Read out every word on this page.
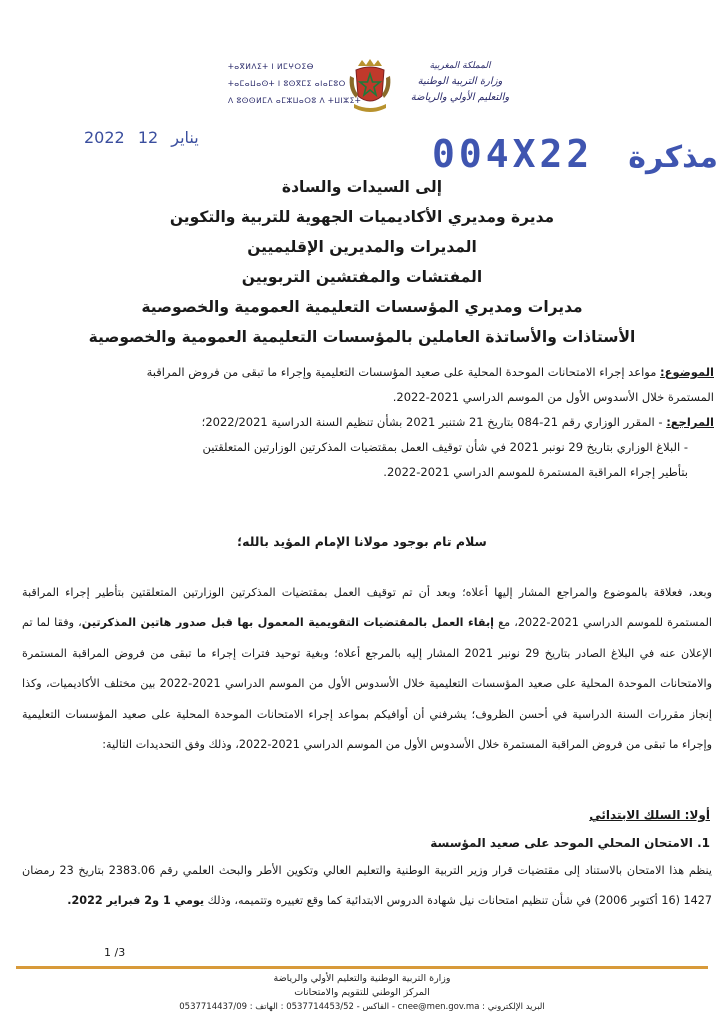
المملكة المغربية
وزارة التربية الوطنية
والتعليم الأولي والرياضة
ⵜⴰⴳⵍⴷⵉⵜ ⵏ ⵍⵎⵖⵔⵉⴱ
ⵜⴰⵎⴰⵡⴰⵙⵜ ⵏ ⵓⵙⴳⵎⵉ ⴰⵏⴰⵎⵓⵔ
ⴷ ⵓⵙⵙⵍⵎⴷ ⴰⵎⵣⵡⴰⵔⵓ ⴷ ⵜⵡⵏⵣⵉⵜ
2022	يناير 12	004X22 مذكرة
إلى السيدات والسادة
مديرة ومديري الأكاديميات الجهوية للتربية والتكوين
المديرات والمديرين الإقليميين
المفتشات والمفتشين التربويين
مديرات ومديري المؤسسات التعليمية العمومية والخصوصية
الأستاذات والأساتذة العاملين بالمؤسسات التعليمية العمومية والخصوصية
الموضوع: مواعد إجراء الامتحانات الموحدة المحلية على صعيد المؤسسات التعليمية وإجراء ما تبقى من فروض المراقبة
المستمرة خلال الأسدوس الأول من الموسم الدراسي 2021-2022.
المراجع: - المقرر الوزاري رقم 21-084 بتاريخ 21 شتنبر 2021 بشأن تنظيم السنة الدراسية 2022/2021؛
- البلاغ الوزاري بتاريخ 29 نونبر 2021 في شأن توقيف العمل بمقتضيات المذكرتين الوزارتين المتعلقتين
بتأطير إجراء المراقبة المستمرة للموسم الدراسي 2021-2022.
سلام تام بوجود مولانا الإمام المؤيد بالله؛
وبعد، فعلاقة بالموضوع والمراجع المشار إليها أعلاه؛ وبعد أن تم توقيف العمل بمقتضيات المذكرتين الوزارتين المتعلقتين بتأطير إجراء المراقبة المستمرة للموسم الدراسي 2021-2022، مع إبقاء العمل بالمقتضيات التقويمية المعمول بها قبل صدور هاتين المذكرتين، وفقا لما تم الإعلان عنه في البلاغ الصادر بتاريخ 29 نونبر 2021 المشار إليه بالمرجع أعلاه؛ وبغية توحيد فترات إجراء ما تبقى من فروض المراقبة المستمرة والامتحانات الموحدة المحلية على صعيد المؤسسات التعليمية خلال الأسدوس الأول من الموسم الدراسي 2021-2022 بين مختلف الأكاديميات، وكذا إنجاز مقررات السنة الدراسية في أحسن الظروف؛ يشرفني أن أوافيكم بمواعد إجراء الامتحانات الموحدة المحلية على صعيد المؤسسات التعليمية وإجراء ما تبقى من فروض المراقبة المستمرة خلال الأسدوس الأول من الموسم الدراسي 2021-2022، وذلك وفق التحديدات التالية:
أولا: السلك الابتدائي
1. الامتحان المحلي الموحد على صعيد المؤسسة
ينظم هذا الامتحان بالاستناد إلى مقتضيات قرار وزير التربية الوطنية والتعليم العالي وتكوين الأطر والبحث العلمي رقم 2383.06 بتاريخ 23 رمضان 1427 (16 أكتوبر 2006) في شأن تنظيم امتحانات نيل شهادة الدروس الابتدائية كما وقع تغييره وتتميمه، وذلك يومي 1 و2 فبراير 2022.
1 /3
وزارة التربية الوطنية والتعليم الأولي والرياضة
المركز الوطني للتقويم والامتحانات
0537714437/09 : الفاكس - 0537714453/52 : الهاتف - cnee@men.gov.ma : البريد الإلكتروني
